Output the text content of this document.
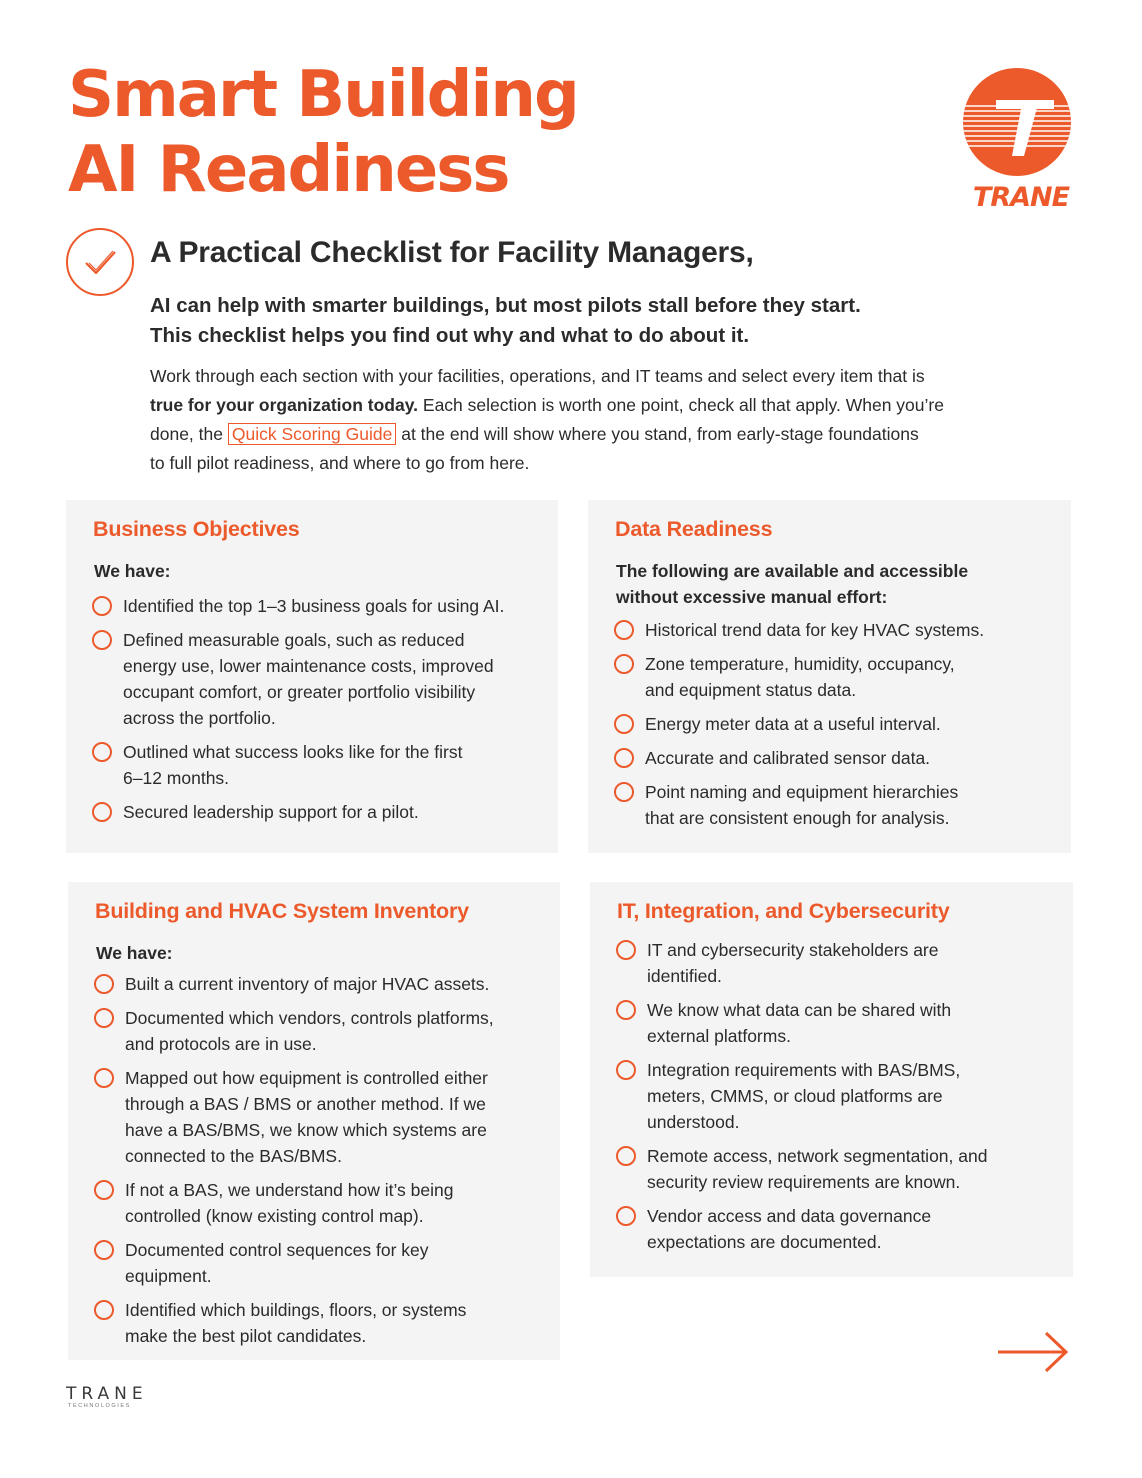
Smart Building
AI Readiness	TRANE
A Practical Checklist for Facility Managers,
AI can help with smarter buildings, but most pilots stall before they start.
This checklist helps you find out why and what to do about it.
Work through each section with your facilities, operations, and IT teams and select every item that is
true for your organization today. Each selection is worth one point, check all that apply. When you’re
done, the Quick Scoring Guide at the end will show where you stand, from early-stage foundations
to full pilot readiness, and where to go from here.
Business Objectives
We have:
Identified the top 1–3 business goals for using AI.
Defined measurable goals, such as reduced
energy use, lower maintenance costs, improved
occupant comfort, or greater portfolio visibility
across the portfolio.
Outlined what success looks like for the first
6–12 months.
Secured leadership support for a pilot.
Data Readiness
The following are available and accessible
without excessive manual effort:
Historical trend data for key HVAC systems.
Zone temperature, humidity, occupancy,
and equipment status data.
Energy meter data at a useful interval.
Accurate and calibrated sensor data.
Point naming and equipment hierarchies
that are consistent enough for analysis.
Building and HVAC System Inventory
We have:
Built a current inventory of major HVAC assets.
Documented which vendors, controls platforms,
and protocols are in use.
Mapped out how equipment is controlled either
through a BAS / BMS or another method. If we
have a BAS/BMS, we know which systems are
connected to the BAS/BMS.
If not a BAS, we understand how it’s being
controlled (know existing control map).
Documented control sequences for key
equipment.
Identified which buildings, floors, or systems
make the best pilot candidates.
IT, Integration, and Cybersecurity
IT and cybersecurity stakeholders are
identified.
We know what data can be shared with
external platforms.
Integration requirements with BAS/BMS,
meters, CMMS, or cloud platforms are
understood.
Remote access, network segmentation, and
security review requirements are known.
Vendor access and data governance
expectations are documented.
TRANE
TECHNOLOGIES
